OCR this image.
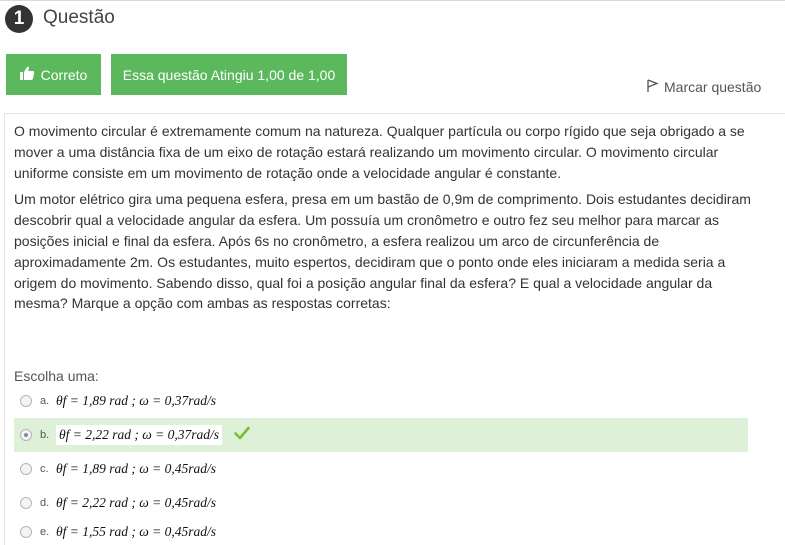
1 Questão
Correto	Essa questão Atingiu 1,00 de 1,00
Marcar questão

O movimento circular é extremamente comum na natureza. Qualquer partícula ou corpo rígido que seja obrigado a se mover a uma distância fixa de um eixo de rotação estará realizando um movimento circular. O movimento circular uniforme consiste em um movimento de rotação onde a velocidade angular é constante.

Um motor elétrico gira uma pequena esfera, presa em um bastão de 0,9m de comprimento. Dois estudantes decidiram descobrir qual a velocidade angular da esfera. Um possuía um cronômetro e outro fez seu melhor para marcar as posições inicial e final da esfera. Após 6s no cronômetro, a esfera realizou um arco de circunferência de aproximadamente 2m. Os estudantes, muito espertos, decidiram que o ponto onde eles iniciaram a medida seria a origem do movimento. Sabendo disso, qual foi a posição angular final da esfera? E qual a velocidade angular da mesma? Marque a opção com ambas as respostas corretas:

Escolha uma:
a. θf = 1,89 rad ; ω = 0,37rad/s
b. θf = 2,22 rad ; ω = 0,37rad/s
c. θf = 1,89 rad ; ω = 0,45rad/s
d. θf = 2,22 rad ; ω = 0,45rad/s
e. θf = 1,55 rad ; ω = 0,45rad/s
